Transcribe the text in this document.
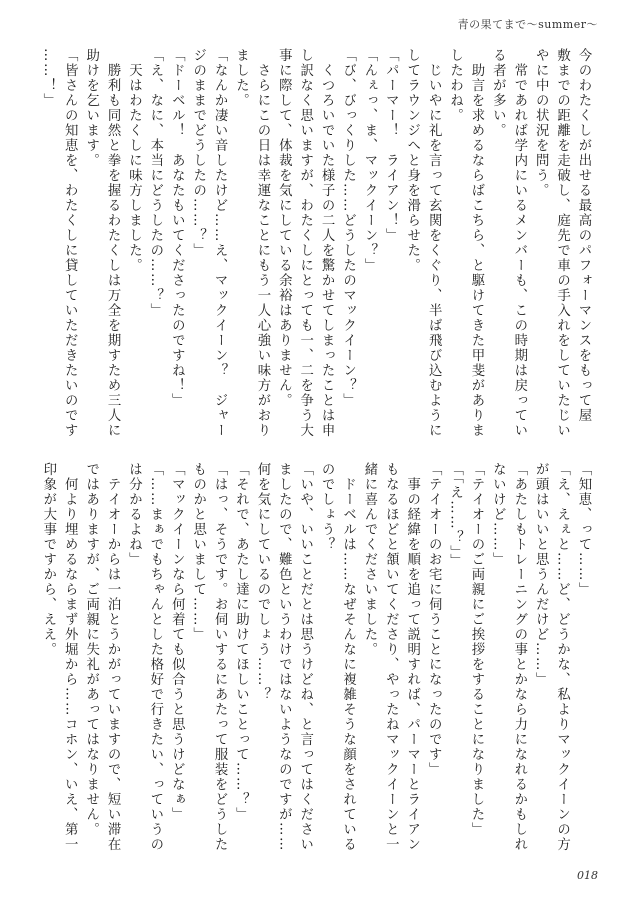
青の果てまで〜summer〜
今のわたくしが出せる最高のパフォーマンスをもって屋
敷までの距離を走破し、庭先で車の手入れをしていたじい
やに中の状況を問う。
　常であれば学内にいるメンバーも、この時期は戻ってい
る者が多い。
　助言を求めるならばこちら、と駆けてきた甲斐がありま
したわね。
　じいやに礼を言って玄関をくぐり、半ば飛び込むように
してラウンジへと身を滑らせた。
「パーマー！　ライアン！」
「んぇっ、ま、マックイーン？」
「び、びっくりした……どうしたのマックイーン？」
　くつろいでいた様子の二人を驚かせてしまったことは申
し訳なく思いますが、わたくしにとっても一、二を争う大
事に際して、体裁を気にしている余裕はありません。
　さらにこの日は幸運なことにもう一人心強い味方がおり
ました。
「なんか凄い音したけど……え、マックイーン？　ジャー
ジのままでどうしたの……？」
「ドーベル！　あなたもいてくださったのですね！」
「え、なに、本当にどうしたの……？」
　天はわたくしに味方しました。
　勝利も同然と拳を握るわたくしは万全を期すため三人に
助けを乞います。
「皆さんの知恵を、わたくしに貸していただきたいのです
……！」
「知恵、って……」
「え、えぇと……ど、どうかな、私よりマックイーンの方
が頭はいいと思うんだけど……」
「あたしもトレーニングの事とかなら力になれるかもしれ
ないけど……」
「テイオーのご両親にご挨拶をすることになりました」
「「え……？」」
「テイオーのお宅に伺うことになったのです」
　事の経緯を順を追って説明すれば、パーマーとライアン
もなるほどと頷いてくださり、やったねマックイーンと一
緒に喜んでくださいました。
　ドーベルは……なぜそんなに複雑そうな顔をされている
のでしょう？
「いや、いいことだとは思うけどね、と言ってはください
ましたので、難色というわけではないようなのですが……
何を気にしているのでしょう……？
「それで、あたし達に助けてほしいことって……？」
「はっ、そうです。お伺いするにあたって服装をどうした
ものかと思いまして……」
「マックイーンなら何着ても似合うと思うけどなぁ」
「……まぁでもちゃんとした格好で行きたい、っていうの
は分かるよね」
　テイオーからは一泊とうかがっていますので、短い滞在
ではありますが、ご両親に失礼があってはなりません。
　何より埋めるならまず外堀から……コホン、いえ、第一
印象が大事ですから、ええ。
018
